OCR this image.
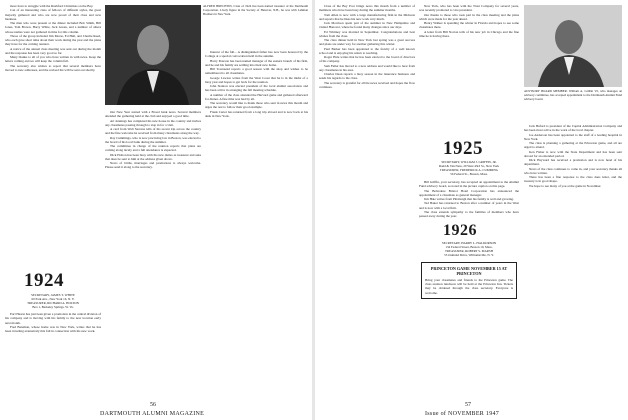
more have to struggle with the Rushford Christmas on the Bay.

Can of an interesting class of fellows of different styles, the great majority gathered and who are now proud of their class and new business.

The men who were present at the dinner included Bob Smith, Bill Jones, Tom Brown, Harry White, Jack Green, and a number of others whose names were not gathered in time for this column.

Those of the group included Jim Morse, Ed Hall, and Charlie Reed, who each gave short talks about their work during the year and the plans they have for the coming reunion.

A notice of the annual class meeting was sent out during the month and the response has been very good so far.

Many thanks to all of you who have written in with news. Keep the letters coming and we will keep the column full.

The secretary also wishes to report that several members have moved to new addresses, and the revised list will be sent out shortly.

1924
SECRETARY, JAMES T. WHITE
60 Park Ave., New York 16, N. Y.
TREASURER, RICHARD A. HOLTON
Box 1, Berkeley Springs, W. Va.

Earl Hearst has just been given a promotion in the central division of his company and is moving with his family to the new location early next month.

Fred Bateman, whose home was in New York, writes that he has been traveling extensively this fall in connection with his new work.

ALFRED BRECHTIN, Class of 1924 has been named treasurer of the Dartmouth Corporation. Lively figure in the Society of Hanover, N.H., he was with Lehman Brothers in New York.

Our New Year started with a Broad bank news. Several members attended the gathering held at the club and enjoyed a good time.

Art Jennings has completed his new house in the country and invites any classmates passing through to stop in for a visit.

A card from Walt Stevens tells of his recent trip across the country and the fine welcome he received from many classmates along the way.

Ray Cummings, who is now practicing law in Boston, was elected to the board of his local bank during the summer.

The committee in charge of the reunion reports that plans are coming along nicely and a full attendance is expected.

Dick Holton has been busy with his new duties as treasurer and asks that dues be sent to him at the address given above.

News of births, marriages and promotions is always welcome. Please send it along to the secretary.

Interest of the fall... A distinguished father has now been honored by the College at a special convocation held in the autumn.

Harry Pearson has been named manager of the eastern branch of his firm, and he and his family are settling into their new home.

Bill Townsend reports a good season with the shop and wishes to be remembered to all classmates.

George Lawton writes from the West Coast that he is in the midst of a busy year and hopes to get back for the reunion.

John Stanton was elected president of the local alumni association and has been active in arranging the fall meeting schedule.

A number of the class attended the Harvard game and gathered afterward for dinner. A fine time was had by all.

The secretary would like to thank those who sent in news this month and urges the rest to follow their good example.

Frank Carter has returned from a long trip abroad and is now back at his desk in New York.

DARTMOUTH ALUMNI MAGAZINE
56

Class of the Bay Post brings news this month from a number of members who have been busy during the summer months.

Tom Allen is now with a large manufacturing firm in the Midwest and reports that he likes his new work very much.

Jack Morrison spent part of the summer in New Hampshire and visited Hanover, where he found many changes since our days.

Ed Whitney was married in September. Congratulations and best wishes from the class.

The class dinner held in New York last spring was a great success and plans are under way for another gathering this winter.

Paul Barker has been appointed to the faculty of a well known school and is enjoying his return to teaching.

Roger Hale writes that he has been elected to the board of directors of his company.

Sam Fuller has moved to a new address and would like to hear from any classmates in his area.

Charles Dean reports a busy season in the insurance business and sends his regards to the class.

The secretary is grateful for all the news received and hopes the flow continues.

New York, who has been with the Trust Company for several years, was recently promoted to vice president.

Our thanks to those who took part in the class meeting and the plans which were made for the year ahead.

Henry Walker is spending the winter in Florida and hopes to see some classmates there.

A letter from Bill Norton tells of his new job in Chicago and the fine time he is having there.

1925
SECRETARY, WILLIAM J. GRIFFIN, JR.
Rand & Van Ness, 20 West 43rd St., New York
TREASURER, FREDERICK A. CUMMING
56 Federal St., Boston, Mass.

Bill Griffin, your secretary, has accepted an appointment to the Alumni Fund advisory board, as noted in the picture caption on this page.

The Belvedere Bristol Hotel Corporation has announced the appointment of a classmate as general manager.

Jim Hale writes from Pittsburgh that his family is well and growing.

Ted Baker has returned to Boston after a number of years in the West and is now with a local firm.

The class extends sympathy to the families of members who have passed away during the year.

ADVISORY BOARD MEMBER: William A. Griffin '25, who manages an advisory committee, has accepted appointment to the Dartmouth Alumni Fund advisory board.

Jack Buford is president of the Capital Administration Company and has been most active in the work of the local chapter.

Joe Anderson has been appointed to the staff of a leading hospital in New York.

The class is planning a gathering at the Princeton game, and all are urged to attend.

Ken Fisher is now with the State Department and has been sent abroad for an extended period.

Dick Hayward has received a promotion and is now head of his department.

News of the class continues to come in, and your secretary thanks all who have written.

There has been a fine response to the class dues letter, and the treasury is in good shape.

We hope to see many of you at the game in November.

57
Issue of NOVEMBER 1947
1926
SECRETARY, HARRY L. HALDORSON
134 Federal Street, Boston 10, Mass.
TREASURER, ROBERT S. MARSH
53 Oakland Drive, Williamsville, N. Y.
PRINCETON GAME NOVEMBER 15 AT PRINCETON
Bring your classmates and friends to the Princeton game. The class reunion luncheon will be held at the Princeton Inn. Tickets may be obtained through the class secretary. Everyone is welcome.
